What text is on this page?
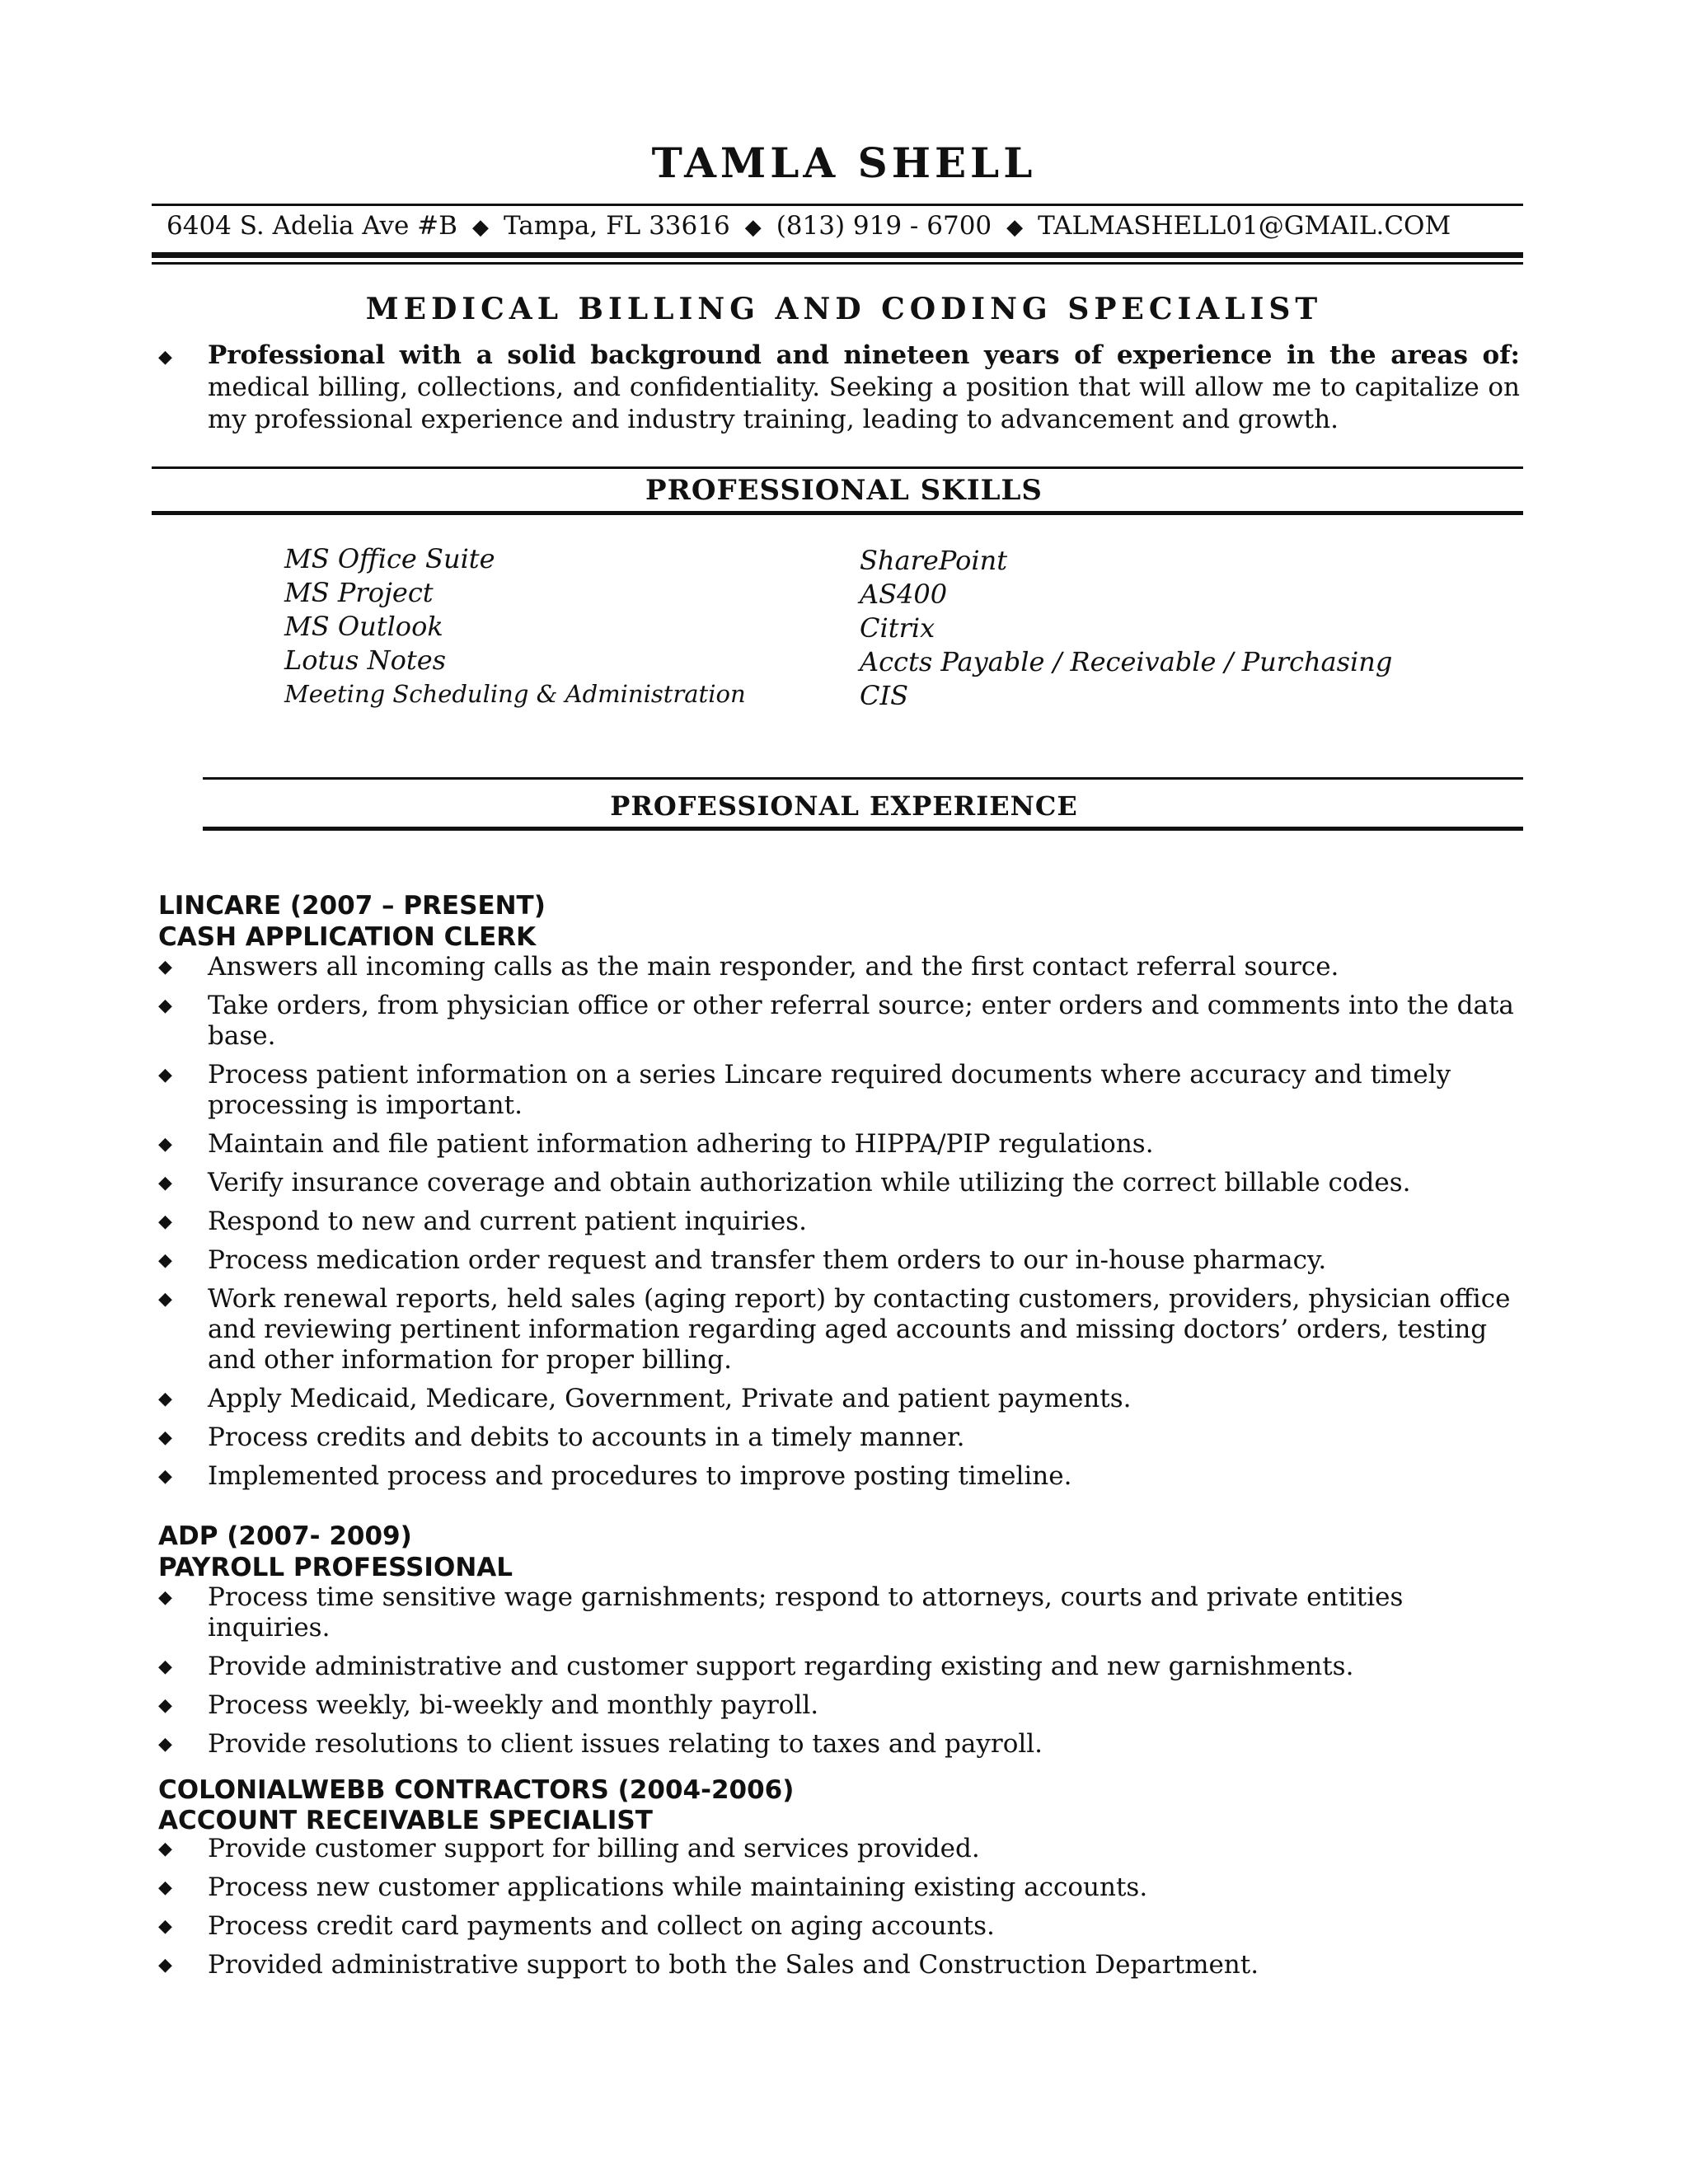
TAMLA SHELL
6404 S. Adelia Ave #B ◆ Tampa, FL 33616 ◆ (813) 919 - 6700 ◆ TALMASHELL01@GMAIL.COM
MEDICAL BILLING AND CODING SPECIALIST
◆ Professional with a solid background and nineteen years of experience in the areas of: medical billing, collections, and confidentiality. Seeking a position that will allow me to capitalize on my professional experience and industry training, leading to advancement and growth.
PROFESSIONAL SKILLS
MS Office Suite
MS Project
MS Outlook
Lotus Notes
Meeting Scheduling & Administration
SharePoint
AS400
Citrix
Accts Payable / Receivable / Purchasing
CIS
PROFESSIONAL EXPERIENCE
LINCARE (2007 – PRESENT)
CASH APPLICATION CLERK
◆ Answers all incoming calls as the main responder, and the first contact referral source.
◆ Take orders, from physician office or other referral source; enter orders and comments into the data base.
◆ Process patient information on a series Lincare required documents where accuracy and timely processing is important.
◆ Maintain and file patient information adhering to HIPPA/PIP regulations.
◆ Verify insurance coverage and obtain authorization while utilizing the correct billable codes.
◆ Respond to new and current patient inquiries.
◆ Process medication order request and transfer them orders to our in-house pharmacy.
◆ Work renewal reports, held sales (aging report) by contacting customers, providers, physician office and reviewing pertinent information regarding aged accounts and missing doctors’ orders, testing and other information for proper billing.
◆ Apply Medicaid, Medicare, Government, Private and patient payments.
◆ Process credits and debits to accounts in a timely manner.
◆ Implemented process and procedures to improve posting timeline.
ADP (2007- 2009)
PAYROLL PROFESSIONAL
◆ Process time sensitive wage garnishments; respond to attorneys, courts and private entities inquiries.
◆ Provide administrative and customer support regarding existing and new garnishments.
◆ Process weekly, bi-weekly and monthly payroll.
◆ Provide resolutions to client issues relating to taxes and payroll.
COLONIALWEBB CONTRACTORS (2004-2006)
ACCOUNT RECEIVABLE SPECIALIST
◆ Provide customer support for billing and services provided.
◆ Process new customer applications while maintaining existing accounts.
◆ Process credit card payments and collect on aging accounts.
◆ Provided administrative support to both the Sales and Construction Department.
